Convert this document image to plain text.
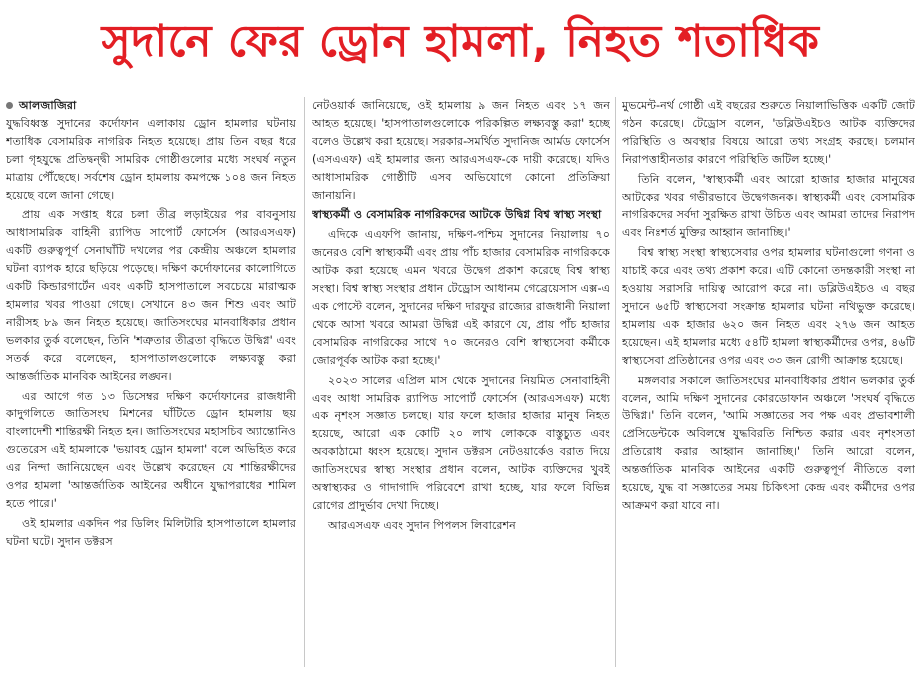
সুদানে ফের ড্রোন হামলা, নিহত শতাধিক
আলজাজিরা

যুদ্ধবিধ্বস্ত সুদানের কর্দোফান এলাকায় ড্রোন হামলার ঘটনায় শতাধিক বেসামরিক নাগরিক নিহত হয়েছে। প্রায় তিন বছর ধরে চলা গৃহযুদ্ধে প্রতিদ্বন্দ্বী সামরিক গোষ্ঠীগুলোর মধ্যে সংঘর্ষ নতুন মাত্রায় পৌঁছেছে। সর্বশেষ ড্রোন হামলায় কমপক্ষে ১০৪ জন নিহত হয়েছে বলে জানা গেছে।

প্রায় এক সপ্তাহ ধরে চলা তীব্র লড়াইয়ের পর বাবনুসায় আধাসামরিক বাহিনী র‍্যাপিড সাপোর্ট ফোর্সেস (আরএসএফ) একটি গুরুত্বপূর্ণ সেনাঘাঁটি দখলের পর কেন্দ্রীয় অঞ্চলে হামলার ঘটনা ব্যাপক হারে ছড়িয়ে পড়েছে। দক্ষিণ কর্দোফানের কালোগিতে একটি কিন্ডারগার্টেন এবং একটি হাসপাতালে সবচেয়ে মারাত্মক হামলার খবর পাওয়া গেছে। সেখানে ৪৩ জন শিশু এবং আট নারীসহ ৮৯ জন নিহত হয়েছে। জাতিসংঘের মানবাধিকার প্রধান ভলকার তুর্ক বলেছেন, তিনি 'শত্রুতার তীব্রতা বৃদ্ধিতে উদ্বিগ্ন' এবং সতর্ক করে বলেছেন, হাসপাতালগুলোকে লক্ষ্যবস্তু করা আন্তর্জাতিক মানবিক আইনের লঙ্ঘন।

এর আগে গত ১৩ ডিসেম্বর দক্ষিণ কর্দোফানের রাজধানী কাদুগলিতে জাতিসংঘ মিশনের ঘাঁটিতে ড্রোন হামলায় ছয় বাংলাদেশী শান্তিরক্ষী নিহত হন। জাতিসংঘের মহাসচিব অ্যান্তোনিও গুতেরেস এই হামলাকে 'ভয়াবহ ড্রোন হামলা' বলে অভিহিত করে এর নিন্দা জানিয়েছেন এবং উল্লেখ করেছেন যে শান্তিরক্ষীদের ওপর হামলা 'আন্তর্জাতিক আইনের অধীনে যুদ্ধাপরাধের শামিল হতে পারে।'

ওই হামলার একদিন পর ডিলিং মিলিটারি হাসপাতালে হামলার ঘটনা ঘটে। সুদান ডক্টরস

নেটওয়ার্ক জানিয়েছে, ওই হামলায় ৯ জন নিহত এবং ১৭ জন আহত হয়েছে। 'হাসপাতালগুলোকে পরিকল্পিত লক্ষ্যবস্তু করা' হচ্ছে বলেও উল্লেখ করা হয়েছে। সরকার-সমর্থিত সুদানিজ আর্মড ফোর্সেস (এসএএফ) এই হামলার জন্য আরএসএফ-কে দায়ী করেছে। যদিও আধাসামরিক গোষ্ঠীটি এসব অভিযোগে কোনো প্রতিক্রিয়া জানায়নি।

স্বাস্থ্যকর্মী ও বেসামরিক নাগরিকদের আটকে উদ্বিগ্ন বিশ্ব স্বাস্থ্য সংস্থা

এদিকে এএফপি জানায়, দক্ষিণ-পশ্চিম সুদানের নিয়ালায় ৭০ জনেরও বেশি স্বাস্থ্যকর্মী এবং প্রায় পাঁচ হাজার বেসামরিক নাগরিককে আটক করা হয়েছে এমন খবরে উদ্বেগ প্রকাশ করেছে বিশ্ব স্বাস্থ্য সংস্থা। বিশ্ব স্বাস্থ্য সংস্থার প্রধান টেড্রোস আধানম গেব্রেয়েসাস এক্স-এ এক পোস্টে বলেন, সুদানের দক্ষিণ দারফুর রাজ্যের রাজধানী নিয়ালা থেকে আসা খবরে আমরা উদ্বিগ্ন এই কারণে যে, প্রায় পাঁচ হাজার বেসামরিক নাগরিকের সাথে ৭০ জনেরও বেশি স্বাস্থ্যসেবা কর্মীকে জোরপূর্বক আটক করা হচ্ছে।'

২০২৩ সালের এপ্রিল মাস থেকে সুদানের নিয়মিত সেনাবাহিনী এবং আধা সামরিক র‍্যাপিড সাপোর্ট ফোর্সেস (আরএসএফ) মধ্যে এক নৃশংস সজ্ঞাত চলছে। যার ফলে হাজার হাজার মানুষ নিহত হয়েছে, আরো এক কোটি ২০ লাখ লোককে বাস্তুচ্যুত এবং অবকাঠামো ধ্বংস হয়েছে। সুদান ডক্টরস নেটওয়ার্কেও বরাত দিয়ে জাতিসংঘের স্বাস্থ্য সংস্থার প্রধান বলেন, আটক ব্যক্তিদের খুবই অস্বাস্থ্যকর ও গাদাগাদি পরিবেশে রাখা হচ্ছে, যার ফলে বিভিন্ন রোগের প্রাদুর্ভাব দেখা দিচ্ছে।

আরএসএফ এবং সুদান পিপলস লিবারেশন

মুভমেন্ট-নর্থ গোষ্ঠী এই বছরের শুরুতে নিয়ালাভিত্তিক একটি জোট গঠন করেছে। টেড্রোস বলেন, 'ডব্লিউএইচও আটক ব্যক্তিদের পরিস্থিতি ও অবস্থার বিষয়ে আরো তথ্য সংগ্রহ করছে। চলমান নিরাপত্তাহীনতার কারণে পরিস্থিতি জটিল হচ্ছে।'

তিনি বলেন, 'স্বাস্থ্যকর্মী এবং আরো হাজার হাজার মানুষের আটকের খবর গভীরভাবে উদ্বেগজনক। স্বাস্থ্যকর্মী এবং বেসামরিক নাগরিকদের সর্বদা সুরক্ষিত রাখা উচিত এবং আমরা তাদের নিরাপদ এবং নিঃশর্ত মুক্তির আহ্বান জানাচ্ছি।'

বিশ্ব স্বাস্থ্য সংস্থা স্বাস্থ্যসেবার ওপর হামলার ঘটনাগুলো গণনা ও যাচাই করে এবং তথ্য প্রকাশ করে। এটি কোনো তদন্তকারী সংস্থা না হওয়ায় সরাসরি দায়িত্ব আরোপ করে না। ডব্লিউএইচও এ বছর সুদানে ৬৫টি স্বাস্থ্যসেবা সংক্রান্ত হামলার ঘটনা নথিভুক্ত করেছে। হামলায় এক হাজার ৬২০ জন নিহত এবং ২৭৬ জন আহত হয়েছেন। এই হামলার মধ্যে ৫৪টি হামলা স্বাস্থ্যকর্মীদের ওপর, ৪৬টি স্বাস্থ্যসেবা প্রতিষ্ঠানের ওপর এবং ৩৩ জন রোগী আক্রান্ত হয়েছে।

মঙ্গলবার সকালে জাতিসংঘের মানবাধিকার প্রধান ভলকার তুর্ক বলেন, আমি দক্ষিণ সুদানের কোরডোফান অঞ্চলে 'সংঘর্ষ বৃদ্ধিতে উদ্বিগ্ন।' তিনি বলেন, 'আমি সজ্ঞাতের সব পক্ষ এবং প্রভাবশালী প্রেসিডেন্টকে অবিলম্বে যুদ্ধবিরতি নিশ্চিত করার এবং নৃশংসতা প্রতিরোধ করার আহ্বান জানাচ্ছি।' তিনি আরো বলেন, অন্তর্জাতিক মানবিক আইনের একটি গুরুত্বপূর্ণ নীতিতে বলা হয়েছে, যুদ্ধ বা সজ্ঞাতের সময় চিকিৎসা কেন্দ্র এবং কর্মীদের ওপর আক্রমণ করা যাবে না।
